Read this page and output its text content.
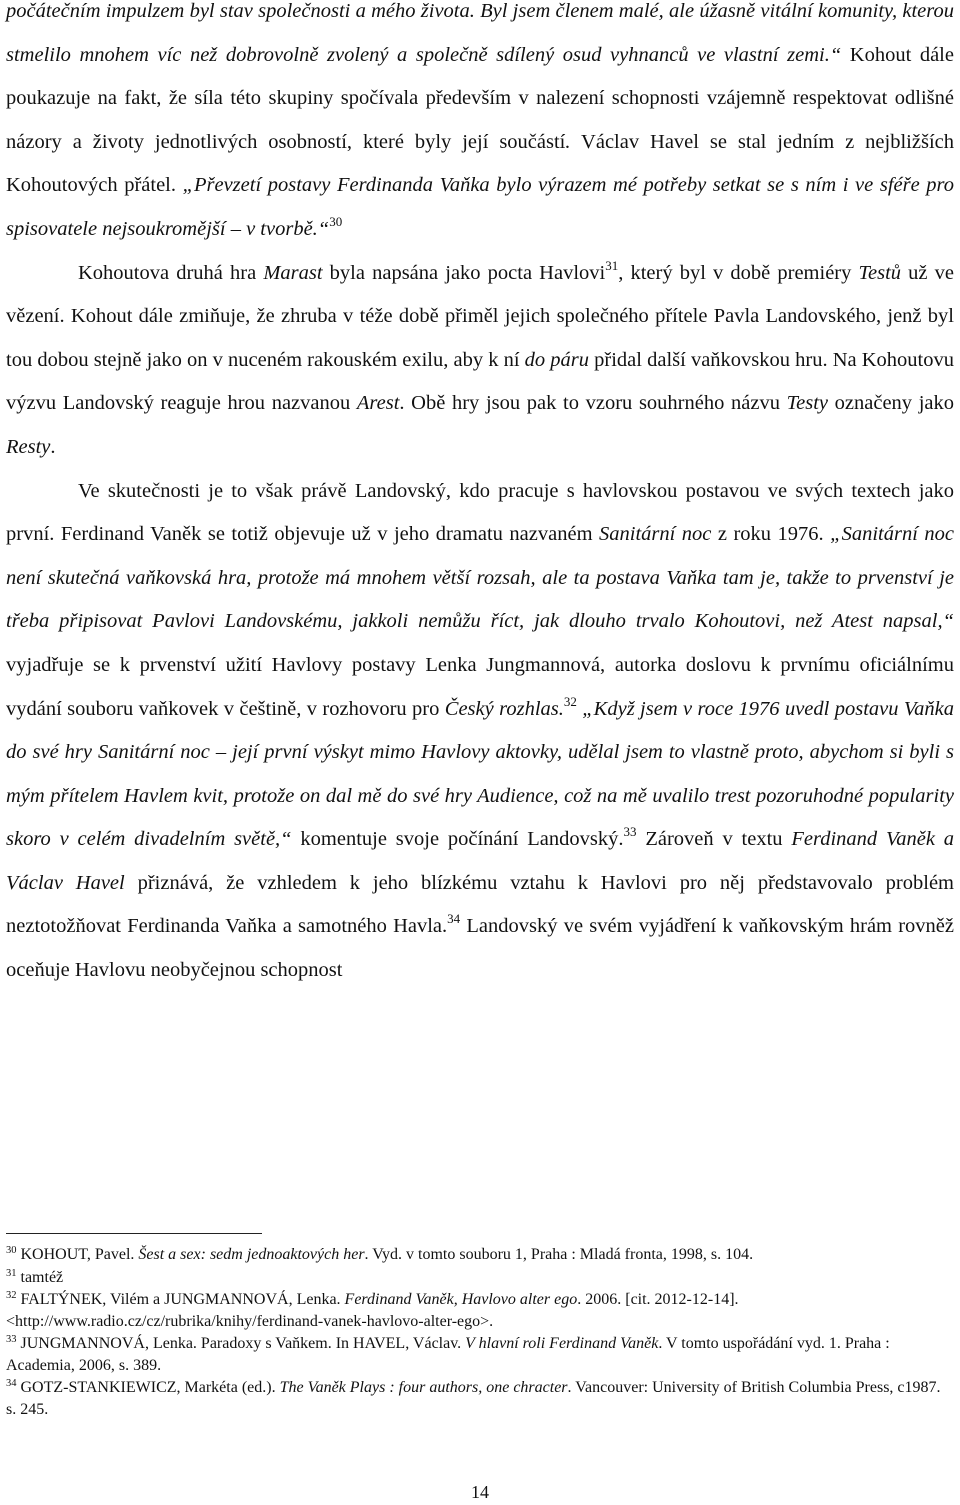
počátečním impulzem byl stav společnosti a mého života. Byl jsem členem malé, ale úžasně vitální komunity, kterou stmelilo mnohem víc než dobrovolně zvolený a společně sdílený osud vyhnanců ve vlastní zemi.“ Kohout dále poukazuje na fakt, že síla této skupiny spočívala především v nalezení schopnosti vzájemně respektovat odlišné názory a životy jednotlivých osobností, které byly její součástí. Václav Havel se stal jedním z nejbližších Kohoutových přátel. „Převzetí postavy Ferdinanda Vaňka bylo výrazem mé potřeby setkat se s ním i ve sféře pro spisovatele nejsoukromější – v tvorbě.“$^{30}$

Kohoutova druhá hra Marast byla napsána jako pocta Havlovi$^{31}$, který byl v době premiéry Testů už ve vězení. Kohout dále zmiňuje, že zhruba v téže době přiměl jejich společného přítele Pavla Landovského, jenž byl tou dobou stejně jako on v nuceném rakouském exilu, aby k ní do páru přidal další vaňkovskou hru. Na Kohoutovu výzvu Landovský reaguje hrou nazvanou Arest. Obě hry jsou pak to vzoru souhrného názvu Testy označeny jako Resty.

Ve skutečnosti je to však právě Landovský, kdo pracuje s havlovskou postavou ve svých textech jako první. Ferdinand Vaněk se totiž objevuje už v jeho dramatu nazvaném Sanitární noc z roku 1976. „Sanitární noc není skutečná vaňkovská hra, protože má mnohem větší rozsah, ale ta postava Vaňka tam je, takže to prvenství je třeba připisovat Pavlovi Landovskému, jakkoli nemůžu říct, jak dlouho trvalo Kohoutovi, než Atest napsal,“ vyjadřuje se k prvenství užití Havlovy postavy Lenka Jungmannová, autorka doslovu k prvnímu oficiálnímu vydání souboru vaňkovek v češtině, v rozhovoru pro Český rozhlas.$^{32}$ „Když jsem v roce 1976 uvedl postavu Vaňka do své hry Sanitární noc – její první výskyt mimo Havlovy aktovky, udělal jsem to vlastně proto, abychom si byli s mým přítelem Havlem kvit, protože on dal mě do své hry Audience, což na mě uvalilo trest pozoruhodné popularity skoro v celém divadelním světě,“ komentuje svoje počínání Landovský.$^{33}$ Zároveň v textu Ferdinand Vaněk a Václav Havel přiznává, že vzhledem k jeho blízkému vztahu k Havlovi pro něj představovalo problém neztotožňovat Ferdinanda Vaňka a samotného Havla.$^{34}$ Landovský ve svém vyjádření k vaňkovským hrám rovněž oceňuje Havlovu neobyčejnou schopnost

$^{30}$ KOHOUT, Pavel. Šest a sex: sedm jednoaktových her. Vyd. v tomto souboru 1, Praha : Mladá fronta, 1998, s. 104.
$^{31}$ tamtéž
$^{32}$ FALTÝNEK, Vilém a JUNGMANNOVÁ, Lenka. Ferdinand Vaněk, Havlovo alter ego. 2006. [cit. 2012-12-14]. <http://www.radio.cz/cz/rubrika/knihy/ferdinand-vanek-havlovo-alter-ego>.
$^{33}$ JUNGMANNOVÁ, Lenka. Paradoxy s Vaňkem. In HAVEL, Václav. V hlavní roli Ferdinand Vaněk. V tomto uspořádání vyd. 1. Praha : Academia, 2006, s. 389.
$^{34}$ GOTZ-STANKIEWICZ, Markéta (ed.). The Vaněk Plays : four authors, one chracter. Vancouver: University of British Columbia Press, c1987. s. 245.
14
